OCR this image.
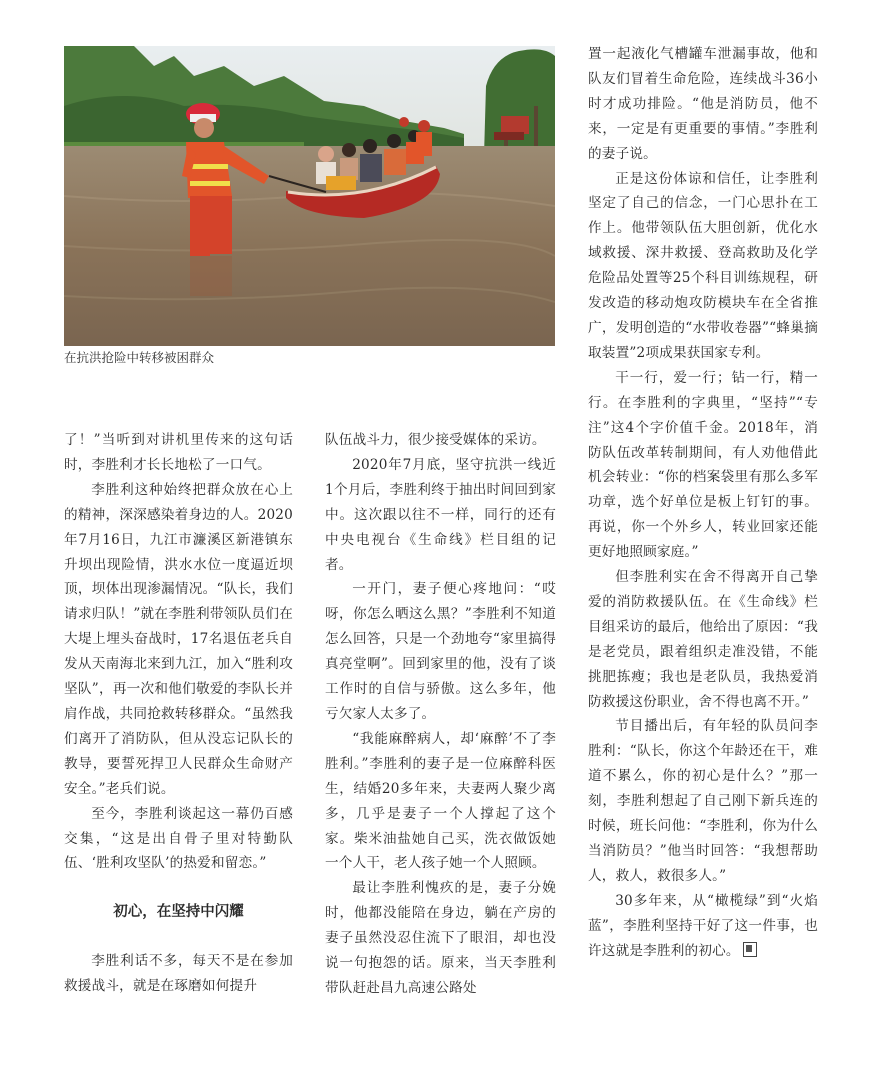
在抗洪抢险中转移被困群众

了！”当听到对讲机里传来的这句话时，李胜利才长长地松了一口气。

李胜利这种始终把群众放在心上的精神，深深感染着身边的人。2020年7月16日，九江市濂溪区新港镇东升坝出现险情，洪水水位一度逼近坝顶，坝体出现渗漏情况。“队长，我们请求归队！”就在李胜利带领队员们在大堤上埋头奋战时，17名退伍老兵自发从天南海北来到九江，加入“胜利攻坚队”，再一次和他们敬爱的李队长并肩作战，共同抢救转移群众。“虽然我们离开了消防队，但从没忘记队长的教导，要誓死捍卫人民群众生命财产安全。”老兵们说。

至今，李胜利谈起这一幕仍百感交集，“这是出自骨子里对特勤队伍、‘胜利攻坚队’的热爱和留恋。”

初心，在坚持中闪耀

李胜利话不多，每天不是在参加救援战斗，就是在琢磨如何提升

队伍战斗力，很少接受媒体的采访。

2020年7月底，坚守抗洪一线近1个月后，李胜利终于抽出时间回到家中。这次跟以往不一样，同行的还有中央电视台《生命线》栏目组的记者。

一开门，妻子便心疼地问：“哎呀，你怎么晒这么黑？”李胜利不知道怎么回答，只是一个劲地夸“家里搞得真亮堂啊”。回到家里的他，没有了谈工作时的自信与骄傲。这么多年，他亏欠家人太多了。

“我能麻醉病人，却‘麻醉’不了李胜利。”李胜利的妻子是一位麻醉科医生，结婚20多年来，夫妻两人聚少离多，几乎是妻子一个人撑起了这个家。柴米油盐她自己买，洗衣做饭她一个人干，老人孩子她一个人照顾。

最让李胜利愧疚的是，妻子分娩时，他都没能陪在身边，躺在产房的妻子虽然没忍住流下了眼泪，却也没说一句抱怨的话。原来，当天李胜利带队赶赴昌九高速公路处

置一起液化气槽罐车泄漏事故，他和队友们冒着生命危险，连续战斗36小时才成功排险。“他是消防员，他不来，一定是有更重要的事情。”李胜利的妻子说。

正是这份体谅和信任，让李胜利坚定了自己的信念，一门心思扑在工作上。他带领队伍大胆创新，优化水域救援、深井救援、登高救助及化学危险品处置等25个科目训练规程，研发改造的移动炮攻防模块车在全省推广，发明创造的“水带收卷器”“蜂巢摘取装置”2项成果获国家专利。

干一行，爱一行；钻一行，精一行。在李胜利的字典里，“坚持”“专注”这4个字价值千金。2018年，消防队伍改革转制期间，有人劝他借此机会转业：“你的档案袋里有那么多军功章，选个好单位是板上钉钉的事。再说，你一个外乡人，转业回家还能更好地照顾家庭。”

但李胜利实在舍不得离开自己挚爱的消防救援队伍。在《生命线》栏目组采访的最后，他给出了原因：“我是老党员，跟着组织走准没错，不能挑肥拣瘦；我也是老队员，我热爱消防救援这份职业，舍不得也离不开。”

节目播出后，有年轻的队员问李胜利：“队长，你这个年龄还在干，难道不累么，你的初心是什么？”那一刻，李胜利想起了自己刚下新兵连的时候，班长问他：“李胜利，你为什么当消防员？”他当时回答：“我想帮助人，救人，救很多人。”

30多年来，从“橄榄绿”到“火焰蓝”，李胜利坚持干好了这一件事，也许这就是李胜利的初心。
